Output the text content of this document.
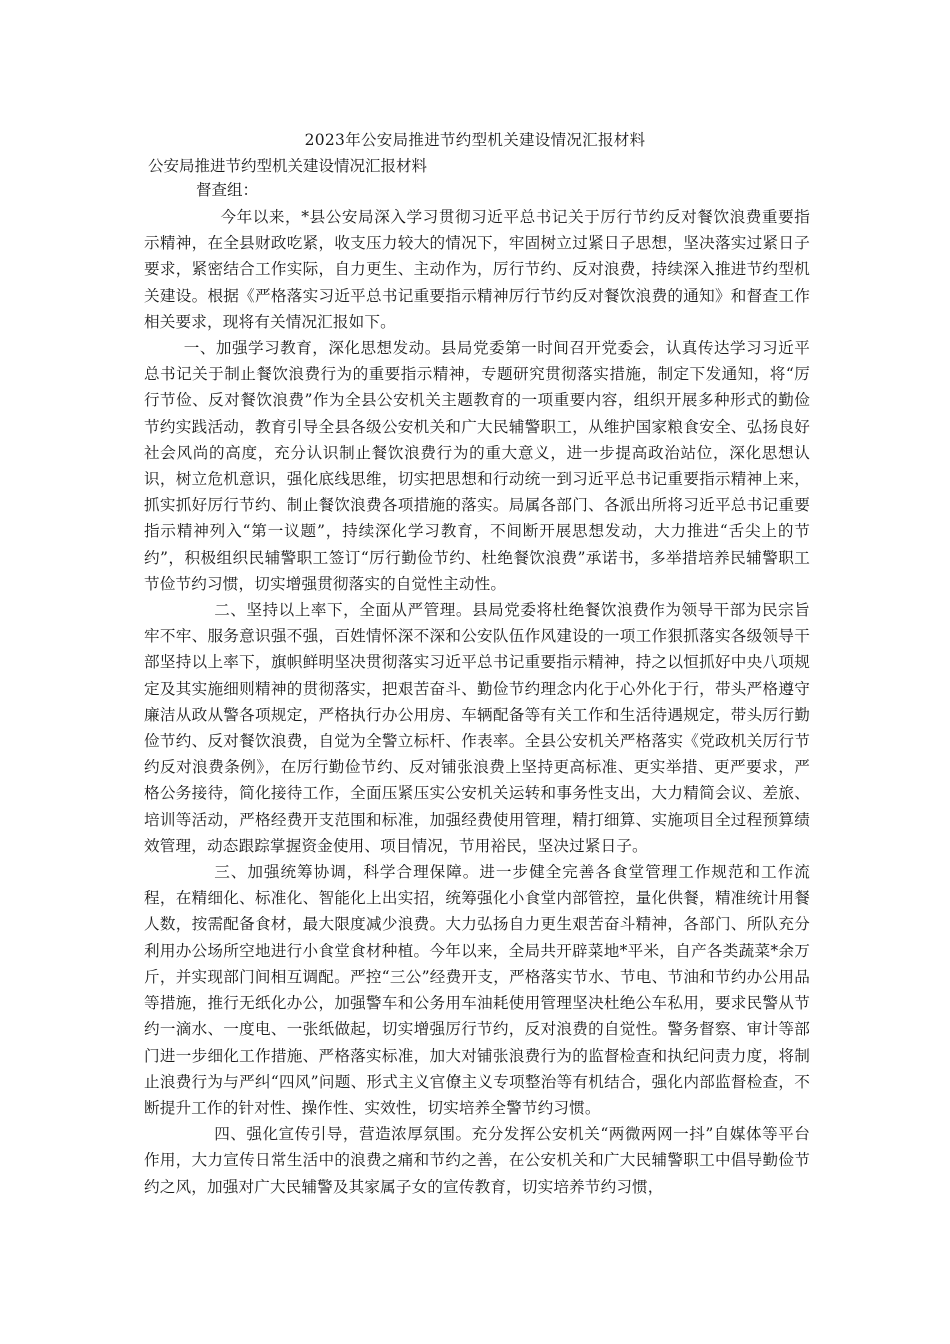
2023年公安局推进节约型机关建设情况汇报材料
公安局推进节约型机关建设情况汇报材料
督查组：

今年以来，*县公安局深入学习贯彻习近平总书记关于厉行节约反对餐饮浪费重要指示精神，在全县财政吃紧，收支压力较大的情况下，牢固树立过紧日子思想，坚决落实过紧日子要求，紧密结合工作实际，自力更生、主动作为，厉行节约、反对浪费，持续深入推进节约型机关建设。根据《严格落实习近平总书记重要指示精神厉行节约反对餐饮浪费的通知》和督查工作相关要求，现将有关情况汇报如下。

一、加强学习教育，深化思想发动。县局党委第一时间召开党委会，认真传达学习习近平总书记关于制止餐饮浪费行为的重要指示精神，专题研究贯彻落实措施，制定下发通知，将“厉行节俭、反对餐饮浪费”作为全县公安机关主题教育的一项重要内容，组织开展多种形式的勤俭节约实践活动，教育引导全县各级公安机关和广大民辅警职工，从维护国家粮食安全、弘扬良好社会风尚的高度，充分认识制止餐饮浪费行为的重大意义，进一步提高政治站位，深化思想认识，树立危机意识，强化底线思维，切实把思想和行动统一到习近平总书记重要指示精神上来，抓实抓好厉行节约、制止餐饮浪费各项措施的落实。局属各部门、各派出所将习近平总书记重要指示精神列入“第一议题”，持续深化学习教育，不间断开展思想发动，大力推进“舌尖上的节约”，积极组织民辅警职工签订“厉行勤俭节约、杜绝餐饮浪费”承诺书，多举措培养民辅警职工节俭节约习惯，切实增强贯彻落实的自觉性主动性。

二、坚持以上率下，全面从严管理。县局党委将杜绝餐饮浪费作为领导干部为民宗旨牢不牢、服务意识强不强，百姓情怀深不深和公安队伍作风建设的一项工作狠抓落实各级领导干部坚持以上率下，旗帜鲜明坚决贯彻落实习近平总书记重要指示精神，持之以恒抓好中央八项规定及其实施细则精神的贯彻落实，把艰苦奋斗、勤俭节约理念内化于心外化于行，带头严格遵守廉洁从政从警各项规定，严格执行办公用房、车辆配备等有关工作和生活待遇规定，带头厉行勤俭节约、反对餐饮浪费，自觉为全警立标杆、作表率。全县公安机关严格落实《党政机关厉行节约反对浪费条例》，在厉行勤俭节约、反对铺张浪费上坚持更高标准、更实举措、更严要求，严格公务接待，简化接待工作，全面压紧压实公安机关运转和事务性支出，大力精简会议、差旅、培训等活动，严格经费开支范围和标准，加强经费使用管理，精打细算、实施项目全过程预算绩效管理，动态跟踪掌握资金使用、项目情况，节用裕民，坚决过紧日子。

三、加强统筹协调，科学合理保障。进一步健全完善各食堂管理工作规范和工作流程，在精细化、标准化、智能化上出实招，统筹强化小食堂内部管控，量化供餐，精准统计用餐人数，按需配备食材，最大限度减少浪费。大力弘扬自力更生艰苦奋斗精神，各部门、所队充分利用办公场所空地进行小食堂食材种植。今年以来，全局共开辟菜地*平米，自产各类蔬菜*余万斤，并实现部门间相互调配。严控“三公”经费开支，严格落实节水、节电、节油和节约办公用品等措施，推行无纸化办公，加强警车和公务用车油耗使用管理坚决杜绝公车私用，要求民警从节约一滴水、一度电、一张纸做起，切实增强厉行节约，反对浪费的自觉性。警务督察、审计等部门进一步细化工作措施、严格落实标准，加大对铺张浪费行为的监督检查和执纪问责力度，将制止浪费行为与严纠“四风”问题、形式主义官僚主义专项整治等有机结合，强化内部监督检查，不断提升工作的针对性、操作性、实效性，切实培养全警节约习惯。

四、强化宣传引导，营造浓厚氛围。充分发挥公安机关“两微两网一抖”自媒体等平台作用，大力宣传日常生活中的浪费之痛和节约之善，在公安机关和广大民辅警职工中倡导勤俭节约之风，加强对广大民辅警及其家属子女的宣传教育，切实培养节约习惯，
